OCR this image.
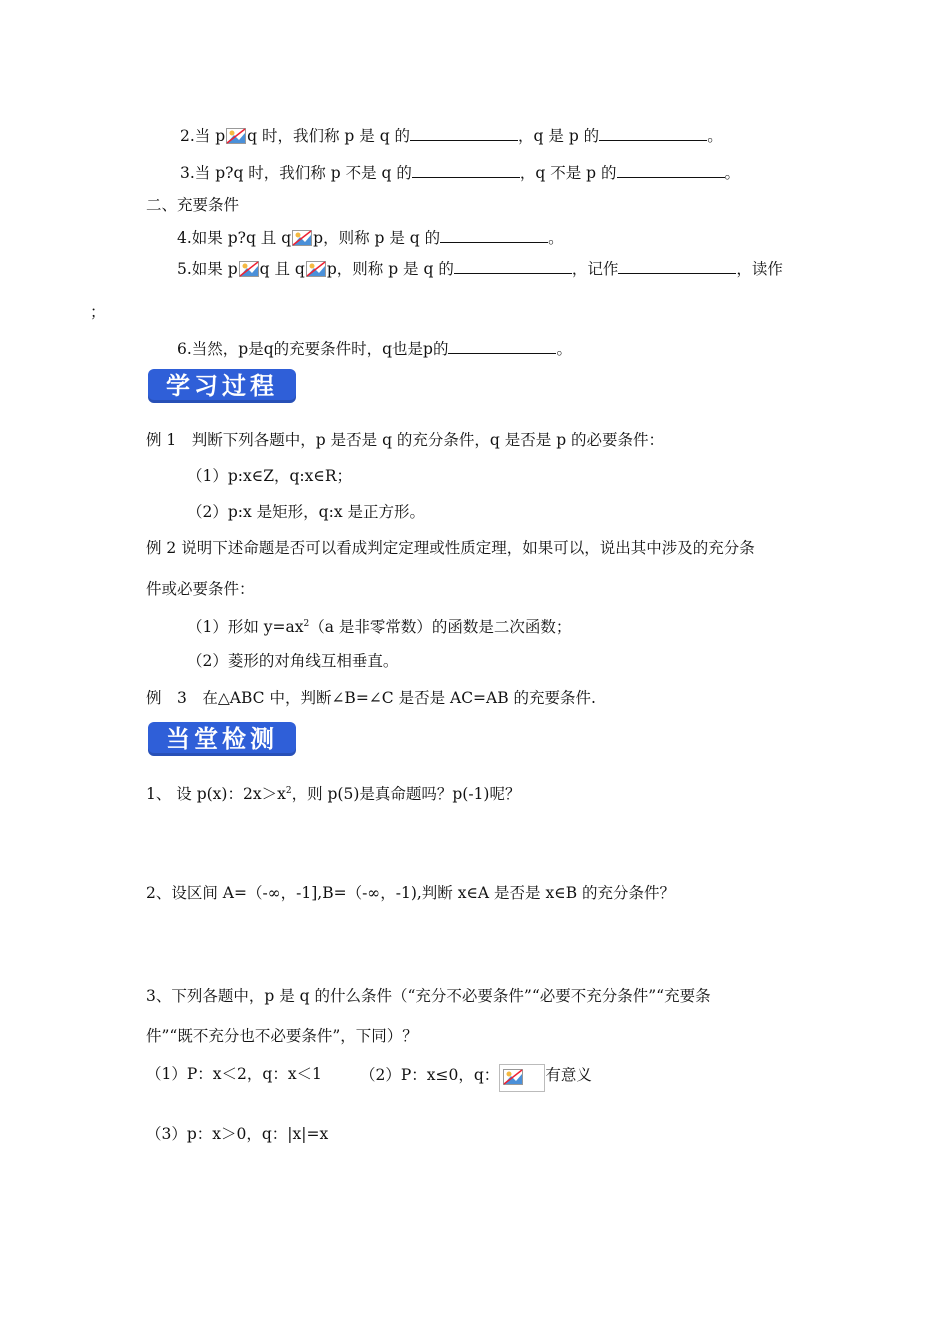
2.当 p q 时，我们称 p 是 q 的	，q 是 p 的	。
3.当 p?q 时，我们称 p 不是 q 的	，q 不是 p 的	。
二、充要条件
4.如果 p?q 且 q p，则称 p 是 q 的	。
5.如果 p q 且 q p，则称 p 是 q 的	，记作	，读作
；
6.当然，p是q的充要条件时，q也是p的	。
学习过程
例 1　判断下列各题中，p 是否是 q 的充分条件，q 是否是 p 的必要条件：
（1）p:x∈Z，q:x∈R；
（2）p:x 是矩形，q:x 是正方形。
例 2 说明下述命题是否可以看成判定定理或性质定理，如果可以，说出其中涉及的充分条
件或必要条件：
（1）形如 $y=ax^2(a$ 是非零常数）的函数是二次函数；
（2）菱形的对角线互相垂直。
例　3　在△ABC 中，判断∠B=∠C 是否是 AC=AB 的充要条件.
当堂检测
1、 设 p(x)：$2x>x^2$，则 p(5)是真命题吗？p(-1)呢？
2、设区间 A=（-∞，-1],B=（-∞，-1),判断 x∈A 是否是 x∈B 的充分条件？
3、下列各题中，p 是 q 的什么条件（“充分不必要条件”“必要不充分条件”“充要条
件”“既不充分也不必要条件”，下同）？
（1）P：x＜2，q：x＜1 （2）P：x≤0，q：	有意义
（3）p：x＞0，q：|x|=x
